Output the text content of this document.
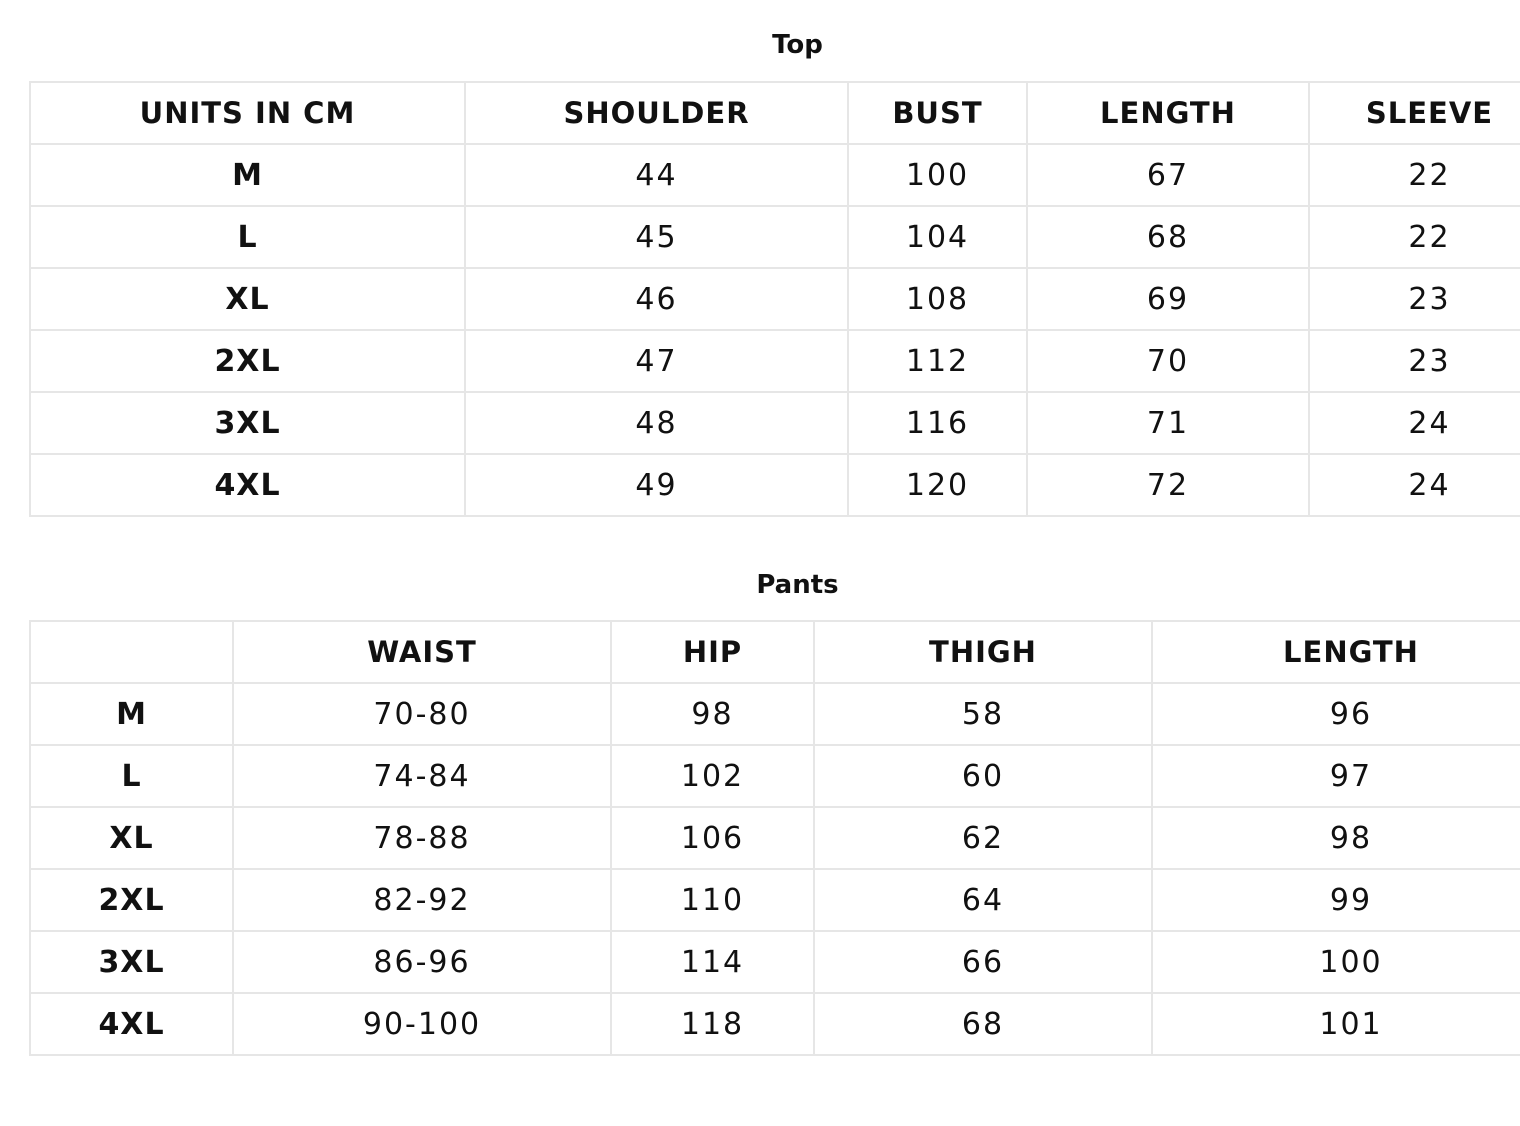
Top
UNITS IN CM	SHOULDER	BUST	LENGTH	SLEEVE
M	44	100	67	22
L	45	104	68	22
XL	46	108	69	23
2XL	47	112	70	23
3XL	48	116	71	24
4XL	49	120	72	24
Pants
	WAIST	HIP	THIGH	LENGTH
M	70-80	98	58	96
L	74-84	102	60	97
XL	78-88	106	62	98
2XL	82-92	110	64	99
3XL	86-96	114	66	100
4XL	90-100	118	68	101
